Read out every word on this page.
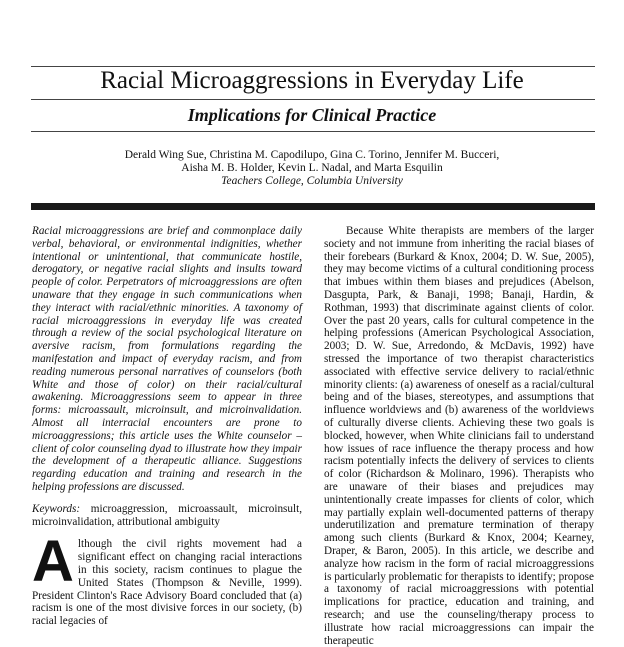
Racial Microaggressions in Everyday Life
Implications for Clinical Practice
Derald Wing Sue, Christina M. Capodilupo, Gina C. Torino, Jennifer M. Bucceri,
Aisha M. B. Holder, Kevin L. Nadal, and Marta Esquilin
Teachers College, Columbia University

Racial microaggressions are brief and commonplace daily verbal, behavioral, or environmental indignities, whether intentional or unintentional, that communicate hostile, derogatory, or negative racial slights and insults toward people of color. Perpetrators of microaggressions are often unaware that they engage in such communications when they interact with racial/ethnic minorities. A taxonomy of racial microaggressions in everyday life was created through a review of the social psychological literature on aversive racism, from formulations regarding the manifestation and impact of everyday racism, and from reading numerous personal narratives of counselors (both White and those of color) on their racial/cultural awakening. Microaggressions seem to appear in three forms: microassault, microinsult, and microinvalidation. Almost all interracial encounters are prone to microaggressions; this article uses the White counselor – client of color counseling dyad to illustrate how they impair the development of a therapeutic alliance. Suggestions regarding education and training and research in the helping professions are discussed.

Keywords: microaggression, microassault, microinsult, microinvalidation, attributional ambiguity

Although the civil rights movement had a significant effect on changing racial interactions in this society, racism continues to plague the United States (Thompson & Neville, 1999). President Clinton's Race Advisory Board concluded that (a) racism is one of the most divisive forces in our society, (b) racial legacies of

Because White therapists are members of the larger society and not immune from inheriting the racial biases of their forebears (Burkard & Knox, 2004; D. W. Sue, 2005), they may become victims of a cultural conditioning process that imbues within them biases and prejudices (Abelson, Dasgupta, Park, & Banaji, 1998; Banaji, Hardin, & Rothman, 1993) that discriminate against clients of color. Over the past 20 years, calls for cultural competence in the helping professions (American Psychological Association, 2003; D. W. Sue, Arredondo, & McDavis, 1992) have stressed the importance of two therapist characteristics associated with effective service delivery to racial/ethnic minority clients: (a) awareness of oneself as a racial/cultural being and of the biases, stereotypes, and assumptions that influence worldviews and (b) awareness of the worldviews of culturally diverse clients. Achieving these two goals is blocked, however, when White clinicians fail to understand how issues of race influence the therapy process and how racism potentially infects the delivery of services to clients of color (Richardson & Molinaro, 1996). Therapists who are unaware of their biases and prejudices may unintentionally create impasses for clients of color, which may partially explain well-documented patterns of therapy underutilization and premature termination of therapy among such clients (Burkard & Knox, 2004; Kearney, Draper, & Baron, 2005). In this article, we describe and analyze how racism in the form of racial microaggressions is particularly problematic for therapists to identify; propose a taxonomy of racial microaggressions with potential implications for practice, education and training, and research; and use the counseling/therapy process to illustrate how racial microaggressions can impair the therapeutic
